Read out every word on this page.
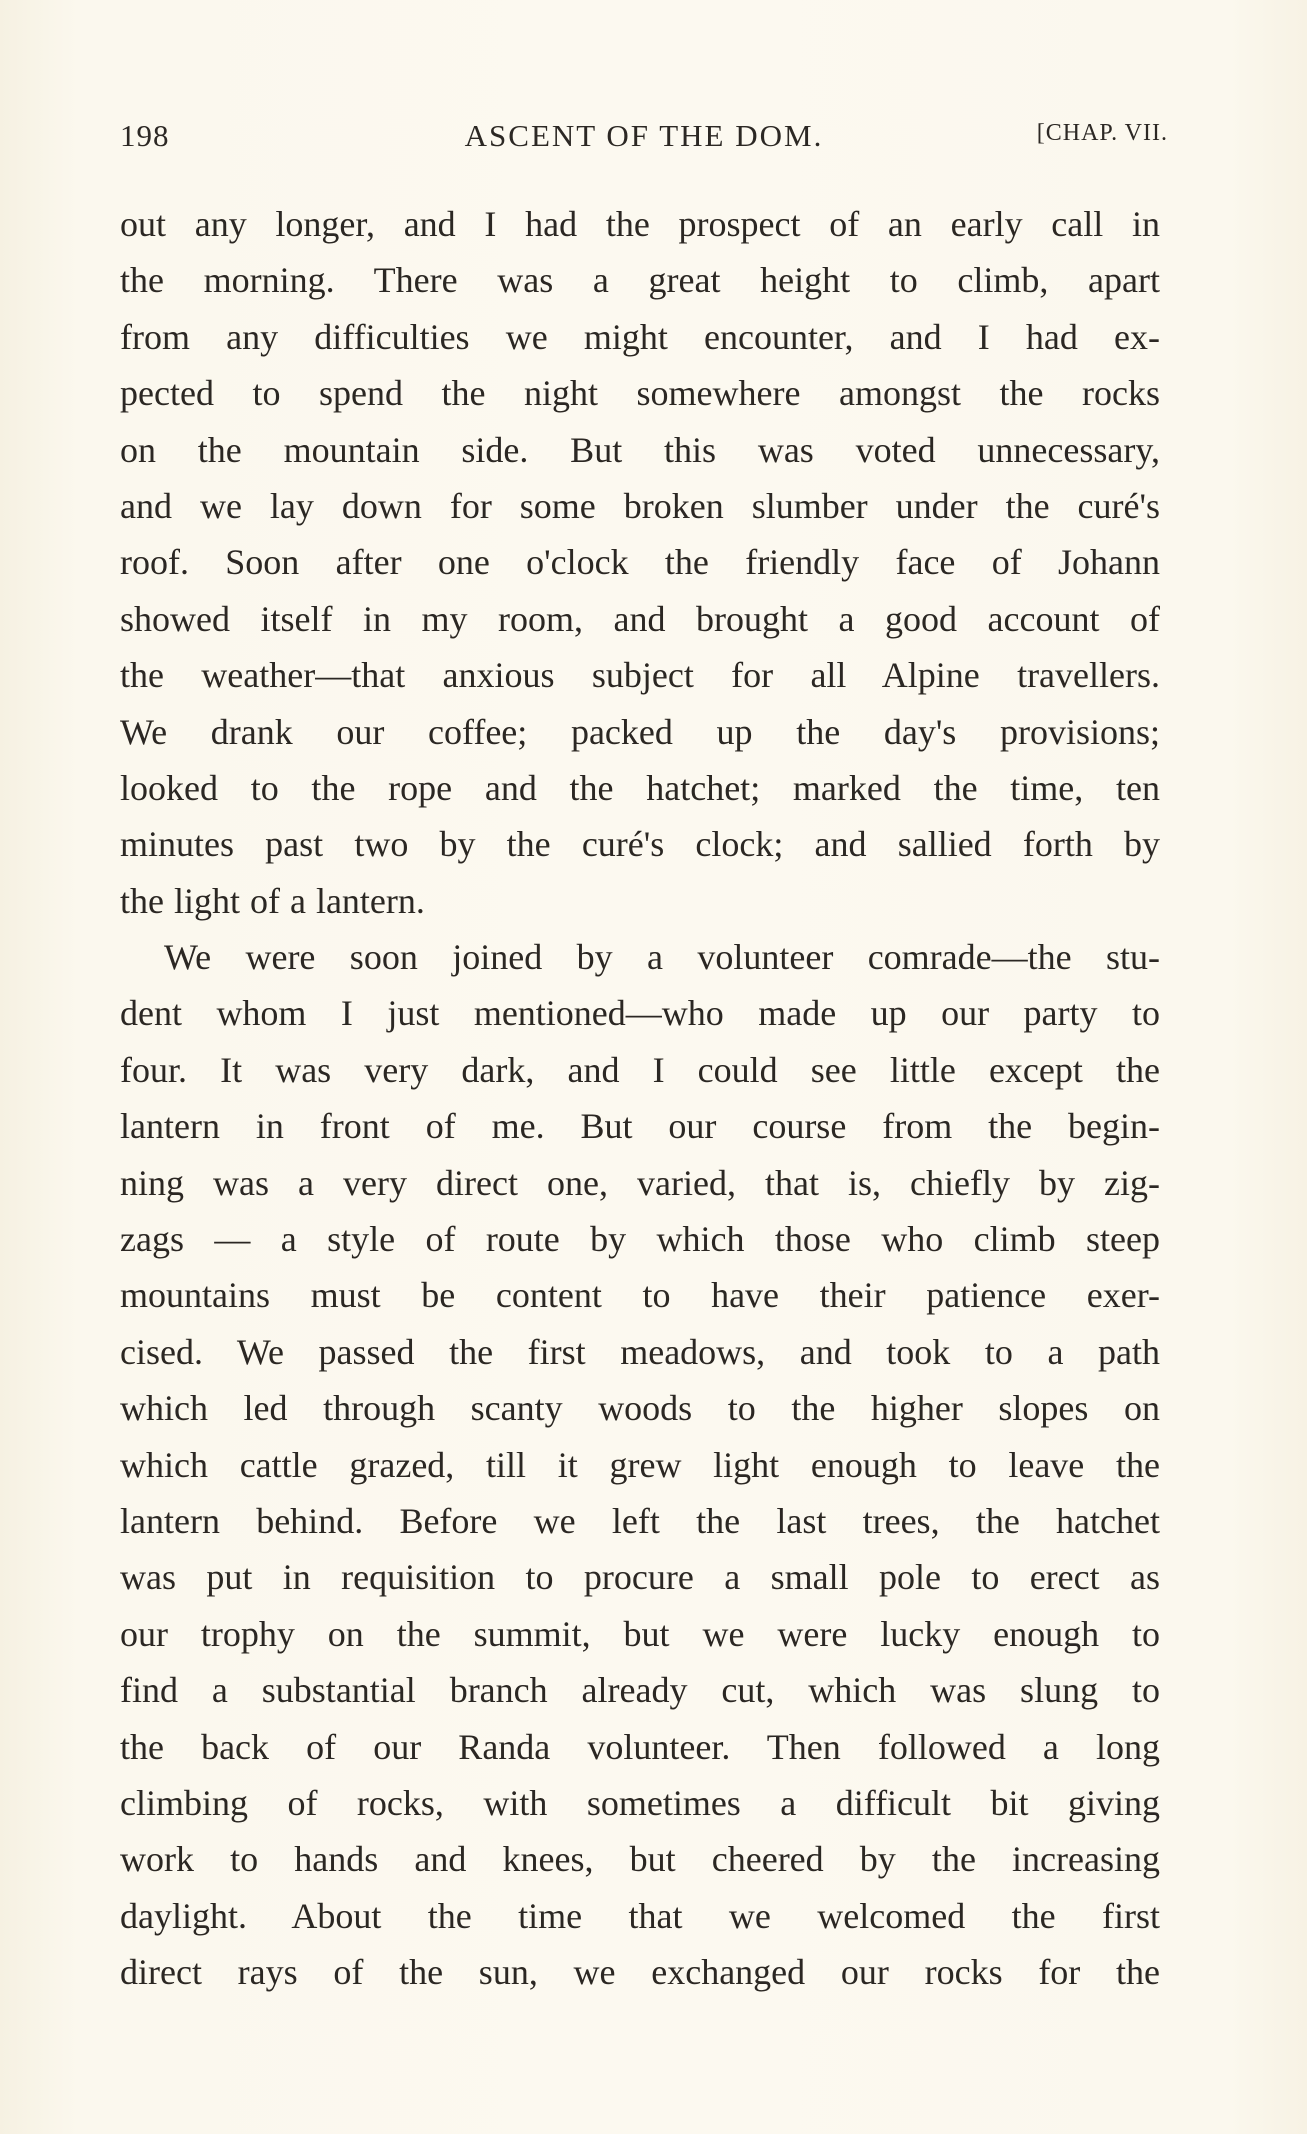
198	ASCENT OF THE DOM.	[CHAP. VII.
out any longer, and I had the prospect of an early call in
the morning. There was a great height to climb, apart
from any difficulties we might encounter, and I had ex-
pected to spend the night somewhere amongst the rocks
on the mountain side. But this was voted unnecessary,
and we lay down for some broken slumber under the curé's
roof. Soon after one o'clock the friendly face of Johann
showed itself in my room, and brought a good account of
the weather—that anxious subject for all Alpine travellers.
We drank our coffee; packed up the day's provisions;
looked to the rope and the hatchet; marked the time, ten
minutes past two by the curé's clock; and sallied forth by
the light of a lantern.
We were soon joined by a volunteer comrade—the stu-
dent whom I just mentioned—who made up our party to
four. It was very dark, and I could see little except the
lantern in front of me. But our course from the begin-
ning was a very direct one, varied, that is, chiefly by zig-
zags — a style of route by which those who climb steep
mountains must be content to have their patience exer-
cised. We passed the first meadows, and took to a path
which led through scanty woods to the higher slopes on
which cattle grazed, till it grew light enough to leave the
lantern behind. Before we left the last trees, the hatchet
was put in requisition to procure a small pole to erect as
our trophy on the summit, but we were lucky enough to
find a substantial branch already cut, which was slung to
the back of our Randa volunteer. Then followed a long
climbing of rocks, with sometimes a difficult bit giving
work to hands and knees, but cheered by the increasing
daylight. About the time that we welcomed the first
direct rays of the sun, we exchanged our rocks for the
